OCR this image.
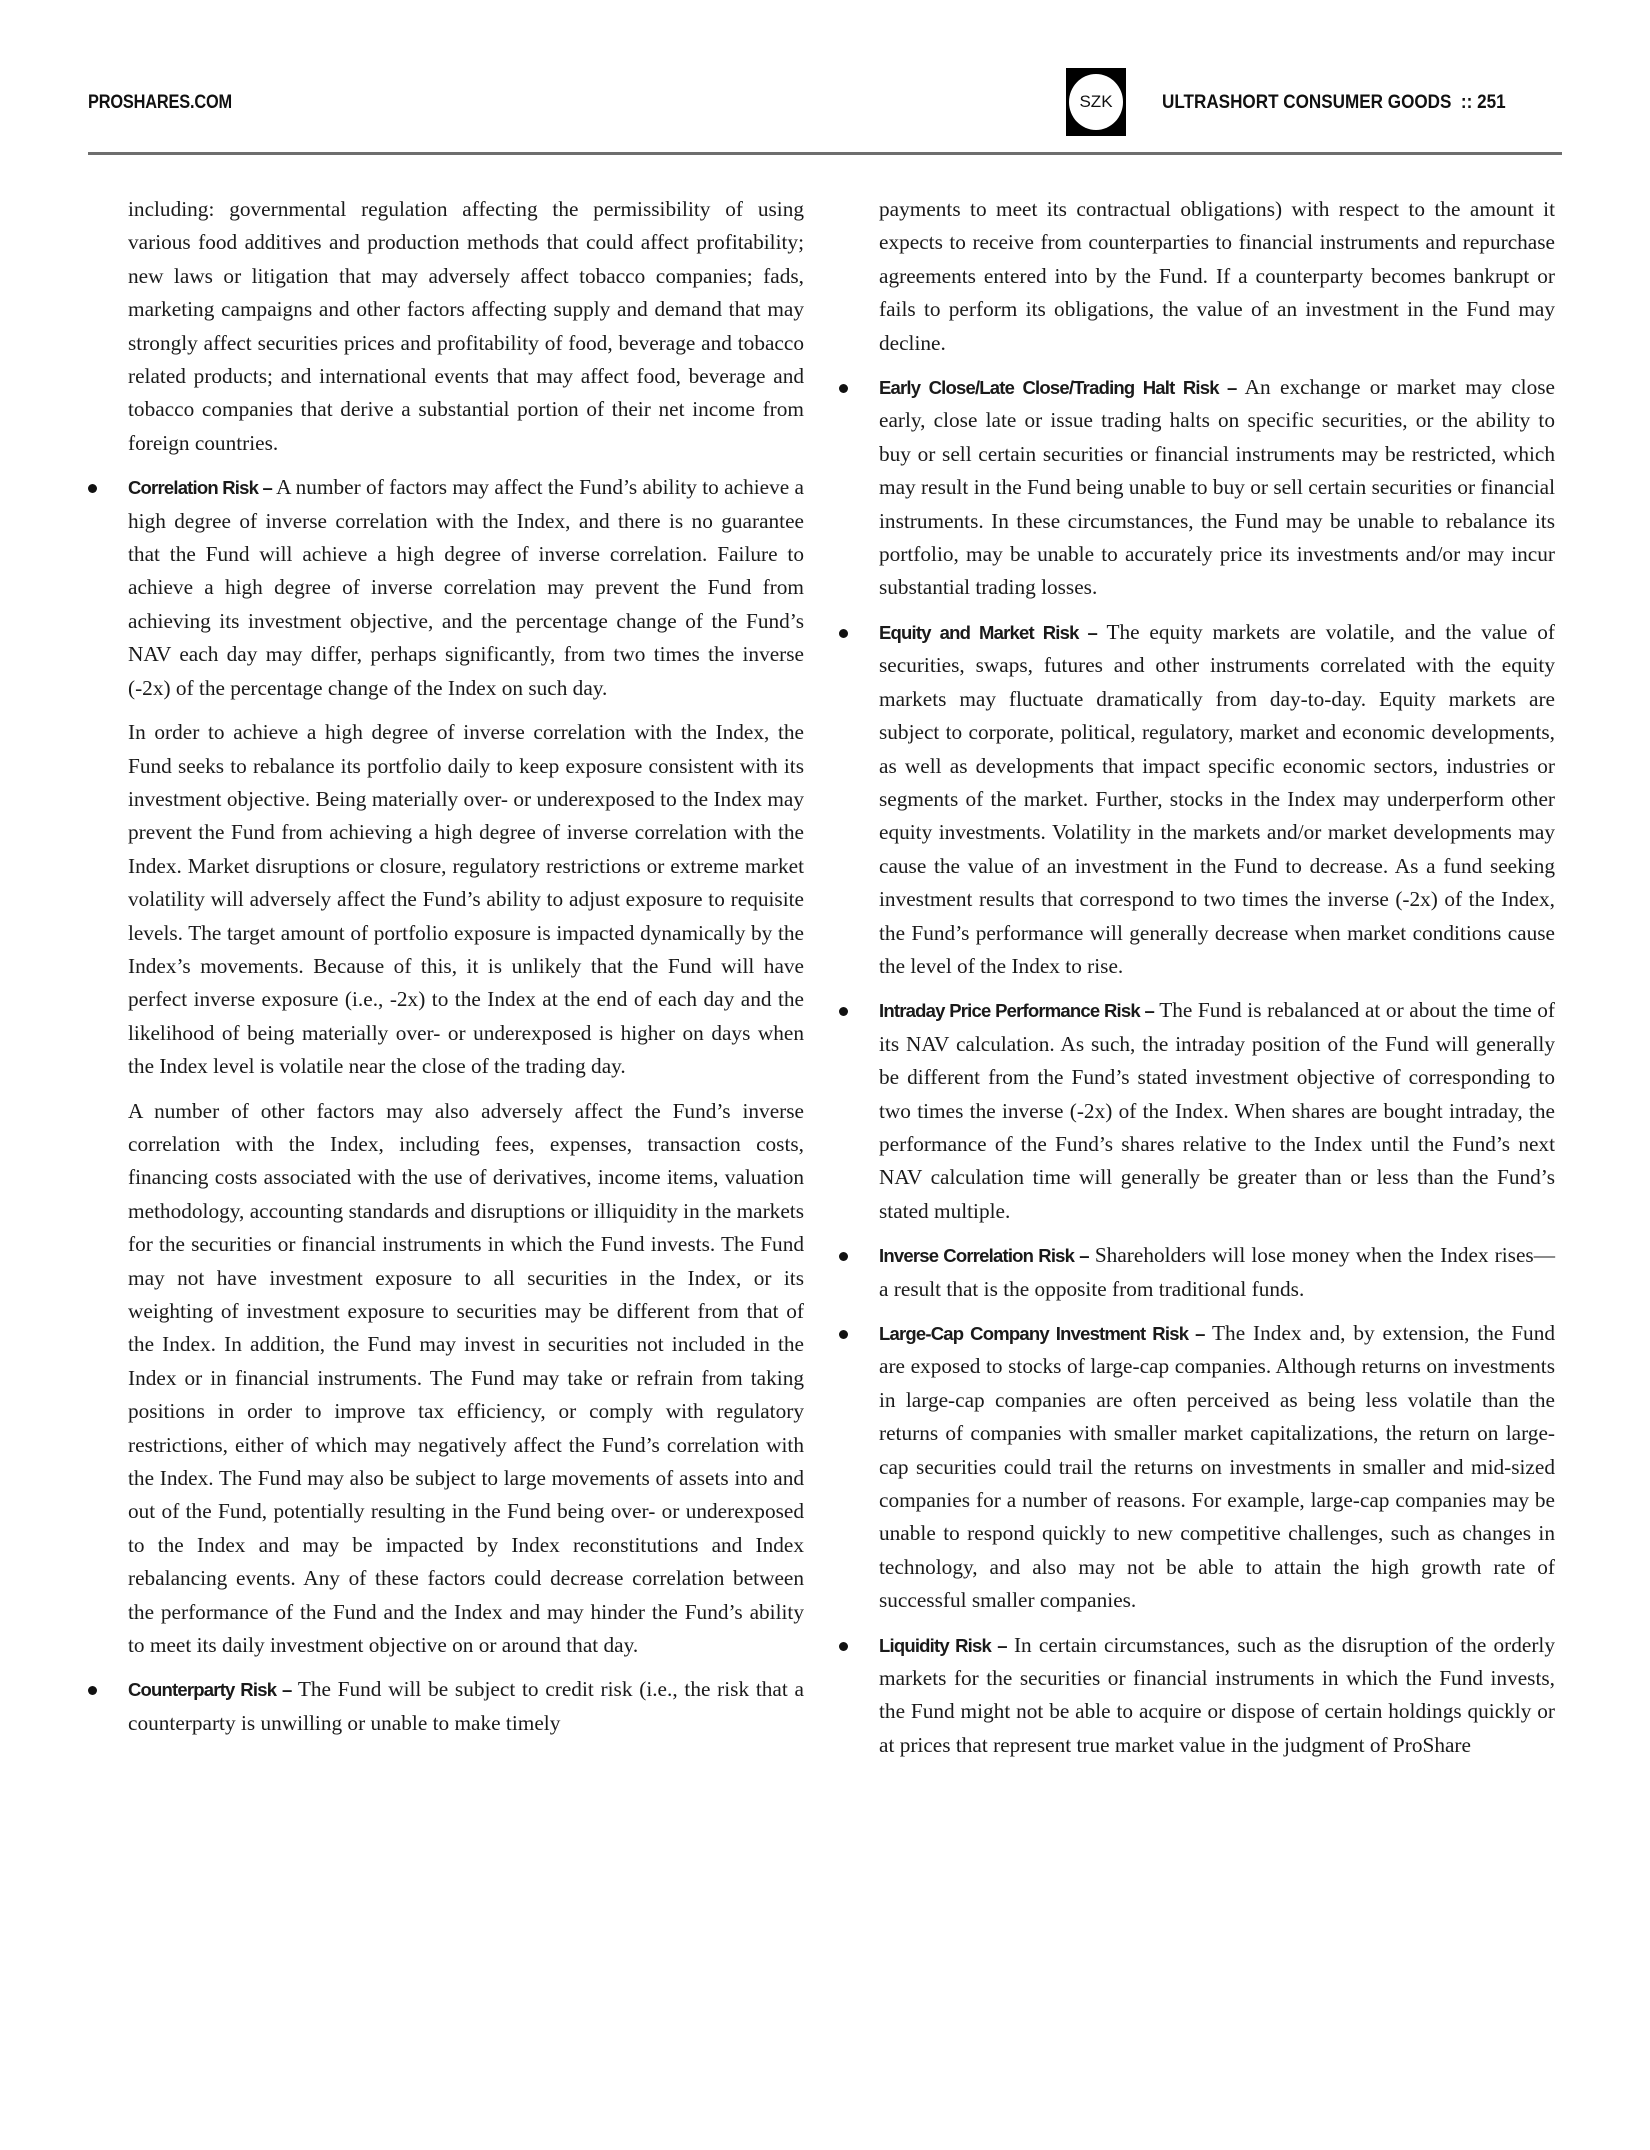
PROSHARES.COM	SZK	ULTRASHORT CONSUMER GOODS  :: 251

including: governmental regulation affecting the permissibility of using various food additives and production methods that could affect profitability; new laws or litigation that may adversely affect tobacco companies; fads, marketing campaigns and other factors affecting supply and demand that may strongly affect securities prices and profitability of food, beverage and tobacco related products; and international events that may affect food, beverage and tobacco companies that derive a substantial portion of their net income from foreign countries.

Correlation Risk – A number of factors may affect the Fund’s ability to achieve a high degree of inverse correlation with the Index, and there is no guarantee that the Fund will achieve a high degree of inverse correlation. Failure to achieve a high degree of inverse correlation may prevent the Fund from achieving its investment objective, and the percentage change of the Fund’s NAV each day may differ, perhaps significantly, from two times the inverse (-2x) of the percentage change of the Index on such day.

In order to achieve a high degree of inverse correlation with the Index, the Fund seeks to rebalance its portfolio daily to keep exposure consistent with its investment objective. Being materially over- or underexposed to the Index may prevent the Fund from achieving a high degree of inverse correlation with the Index. Market disruptions or closure, regulatory restrictions or extreme market volatility will adversely affect the Fund’s ability to adjust exposure to requisite levels. The target amount of portfolio exposure is impacted dynamically by the Index’s movements. Because of this, it is unlikely that the Fund will have perfect inverse exposure (i.e., -2x) to the Index at the end of each day and the likelihood of being materially over- or underexposed is higher on days when the Index level is volatile near the close of the trading day.

A number of other factors may also adversely affect the Fund’s inverse correlation with the Index, including fees, expenses, transaction costs, financing costs associated with the use of derivatives, income items, valuation methodology, accounting standards and disruptions or illiquidity in the markets for the securities or financial instruments in which the Fund invests. The Fund may not have investment exposure to all securities in the Index, or its weighting of investment exposure to securities may be different from that of the Index. In addition, the Fund may invest in securities not included in the Index or in financial instruments. The Fund may take or refrain from taking positions in order to improve tax efficiency, or comply with regulatory restrictions, either of which may negatively affect the Fund’s correlation with the Index. The Fund may also be subject to large movements of assets into and out of the Fund, potentially resulting in the Fund being over- or underexposed to the Index and may be impacted by Index reconstitutions and Index rebalancing events. Any of these factors could decrease correlation between the performance of the Fund and the Index and may hinder the Fund’s ability to meet its daily investment objective on or around that day.

Counterparty Risk – The Fund will be subject to credit risk (i.e., the risk that a counterparty is unwilling or unable to make timely

payments to meet its contractual obligations) with respect to the amount it expects to receive from counterparties to financial instruments and repurchase agreements entered into by the Fund. If a counterparty becomes bankrupt or fails to perform its obligations, the value of an investment in the Fund may decline.

Early Close/Late Close/Trading Halt Risk – An exchange or market may close early, close late or issue trading halts on specific securities, or the ability to buy or sell certain securities or financial instruments may be restricted, which may result in the Fund being unable to buy or sell certain securities or financial instruments. In these circumstances, the Fund may be unable to rebalance its portfolio, may be unable to accurately price its investments and/or may incur substantial trading losses.
Equity and Market Risk – The equity markets are volatile, and the value of securities, swaps, futures and other instruments correlated with the equity markets may fluctuate dramatically from day-to-day. Equity markets are subject to corporate, political, regulatory, market and economic developments, as well as developments that impact specific economic sectors, industries or segments of the market. Further, stocks in the Index may underperform other equity investments. Volatility in the markets and/or market developments may cause the value of an investment in the Fund to decrease. As a fund seeking investment results that correspond to two times the inverse (-2x) of the Index, the Fund’s performance will generally decrease when market conditions cause the level of the Index to rise.
Intraday Price Performance Risk – The Fund is rebalanced at or about the time of its NAV calculation. As such, the intraday position of the Fund will generally be different from the Fund’s stated investment objective of corresponding to two times the inverse (-2x) of the Index. When shares are bought intraday, the performance of the Fund’s shares relative to the Index until the Fund’s next NAV calculation time will generally be greater than or less than the Fund’s stated multiple.
Inverse Correlation Risk – Shareholders will lose money when the Index rises—a result that is the opposite from traditional funds.
Large-Cap Company Investment Risk – The Index and, by extension, the Fund are exposed to stocks of large-cap companies. Although returns on investments in large-cap companies are often perceived as being less volatile than the returns of companies with smaller market capitalizations, the return on large-cap securities could trail the returns on investments in smaller and mid-sized companies for a number of reasons. For example, large-cap companies may be unable to respond quickly to new competitive challenges, such as changes in technology, and also may not be able to attain the high growth rate of successful smaller companies.
Liquidity Risk – In certain circumstances, such as the disruption of the orderly markets for the securities or financial instruments in which the Fund invests, the Fund might not be able to acquire or dispose of certain holdings quickly or at prices that represent true market value in the judgment of ProShare
